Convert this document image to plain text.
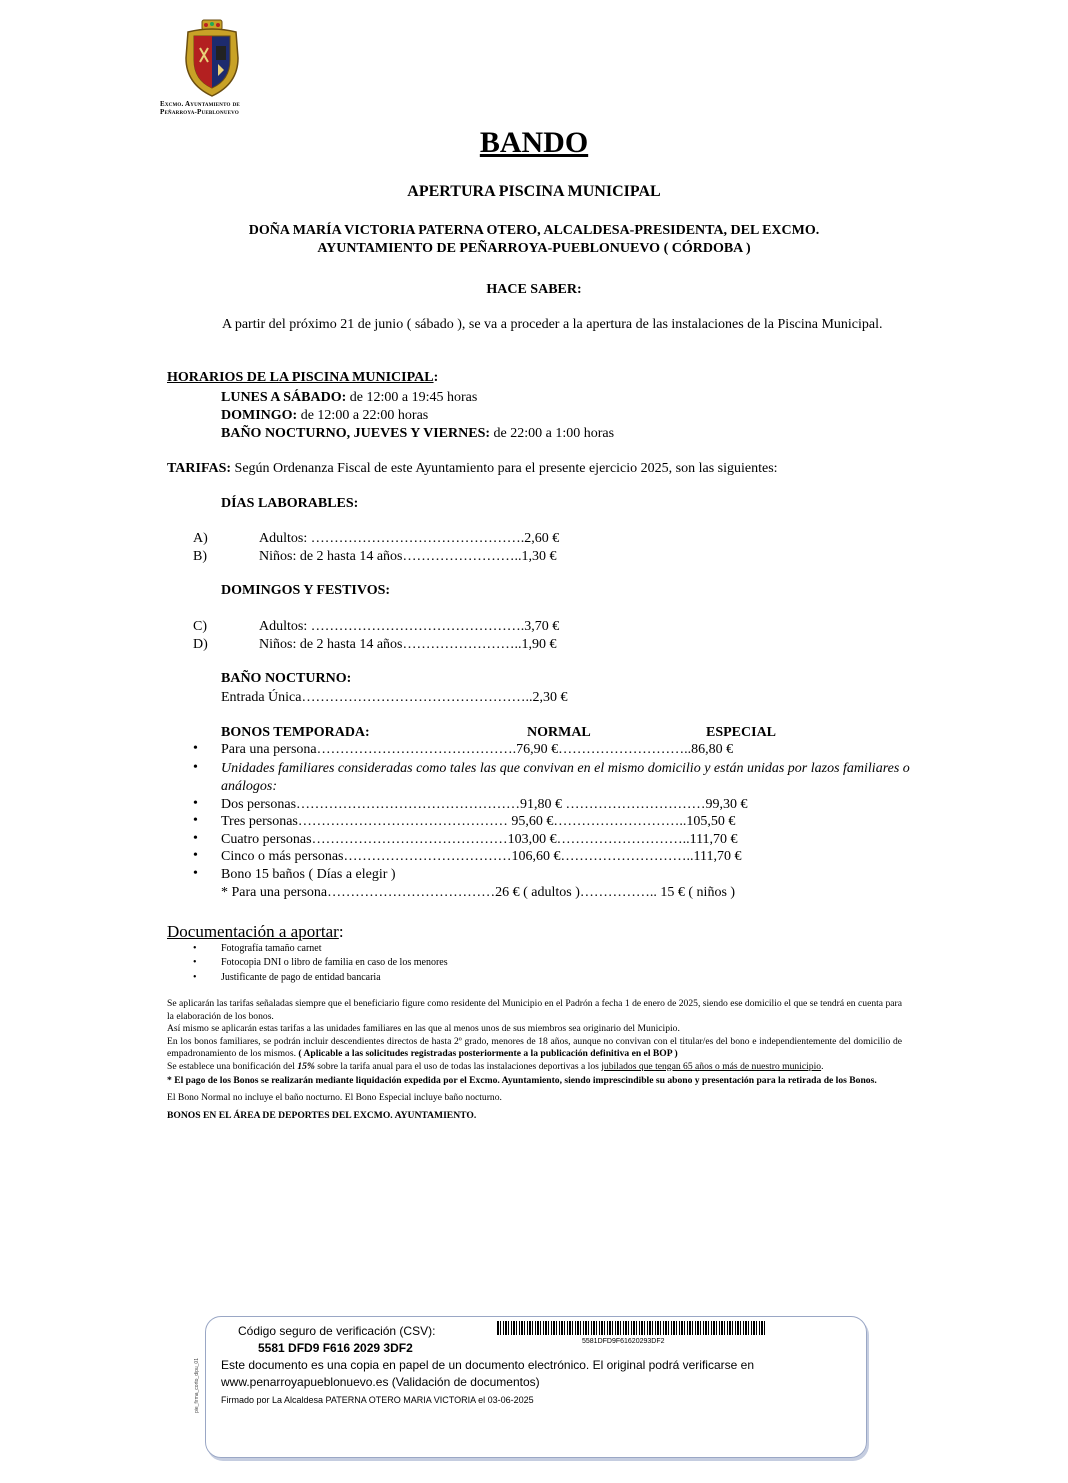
Excmo. Ayuntamiento de
Peñarroya-Pueblonuevo
BANDO
APERTURA PISCINA MUNICIPAL
DOÑA MARÍA VICTORIA PATERNA OTERO, ALCALDESA-PRESIDENTA, DEL EXCMO.
AYUNTAMIENTO DE PEÑARROYA-PUEBLONUEVO ( CÓRDOBA )
HACE SABER:
A partir del próximo 21 de junio ( sábado ), se va a proceder a la apertura de las instalaciones de la Piscina Municipal.
HORARIOS DE LA PISCINA MUNICIPAL:
LUNES A SÁBADO: de 12:00 a 19:45 horas
DOMINGO: de 12:00 a 22:00 horas
BAÑO NOCTURNO, JUEVES Y VIERNES: de 22:00 a 1:00 horas
TARIFAS: Según Ordenanza Fiscal de este Ayuntamiento para el presente ejercicio 2025, son las siguientes:
DÍAS LABORABLES:
A)	Adultos: ……………………………………….2,60 €
B)	Niños: de 2 hasta 14 años……………………..1,30 €
DOMINGOS Y FESTIVOS:
C)	Adultos: ……………………………………….3,70 €
D)	Niños: de 2 hasta 14 años……………………..1,90 €
BAÑO NOCTURNO:
Entrada Única…………………………………………..2,30 €
BONOS TEMPORADA:	NORMAL	ESPECIAL
• Para una persona…………………………………….76,90 €………………………..86,80 €
• Unidades familiares consideradas como tales las que convivan en el mismo domicilio y están unidas por lazos familiares o análogos:
• Dos personas…………………………………………91,80 € …………………………99,30 €
• Tres personas……………………………………… 95,60 €………………………..105,50 €
• Cuatro personas……………………………………103,00 €………………………..111,70 €
• Cinco o más personas………………………………106,60 €………………………..111,70 €
• Bono 15 baños ( Días a elegir )
* Para una persona………………………………26 € ( adultos )…………….. 15 € ( niños )
Documentación a aportar:
• Fotografía tamaño carnet
• Fotocopia DNI o libro de familia en caso de los menores
• Justificante de pago de entidad bancaria

Se aplicarán las tarifas señaladas siempre que el beneficiario figure como residente del Municipio en el Padrón a fecha 1 de enero de 2025, siendo ese domicilio el que se tendrá en cuenta para la elaboración de los bonos.

Así mismo se aplicarán estas tarifas a las unidades familiares en las que al menos unos de sus miembros sea originario del Municipio.

En los bonos familiares, se podrán incluir descendientes directos de hasta 2º grado, menores de 18 años, aunque no convivan con el titular/es del bono e independientemente del domicilio de empadronamiento de los mismos. ( Aplicable a las solicitudes registradas posteriormente a la publicación definitiva en el BOP )

Se establece una bonificación del 15% sobre la tarifa anual para el uso de todas las instalaciones deportivas a los jubilados que tengan 65 años o más de nuestro municipio.

* El pago de los Bonos se realizarán mediante liquidación expedida por el Excmo. Ayuntamiento, siendo imprescindible su abono y presentación para la retirada de los Bonos.

El Bono Normal no incluye el baño nocturno. El Bono Especial incluye baño nocturno.

BONOS EN EL ÁREA DE DEPORTES DEL EXCMO. AYUNTAMIENTO.

pie_firma_corto_dipu_01
5581DFD9F61620293DF2
Código seguro de verificación (CSV):
5581 DFD9 F616 2029 3DF2
Este documento es una copia en papel de un documento electrónico. El original podrá verificarse en
www.penarroyapueblonuevo.es (Validación de documentos)
Firmado por La Alcaldesa PATERNA OTERO MARIA VICTORIA el 03-06-2025
